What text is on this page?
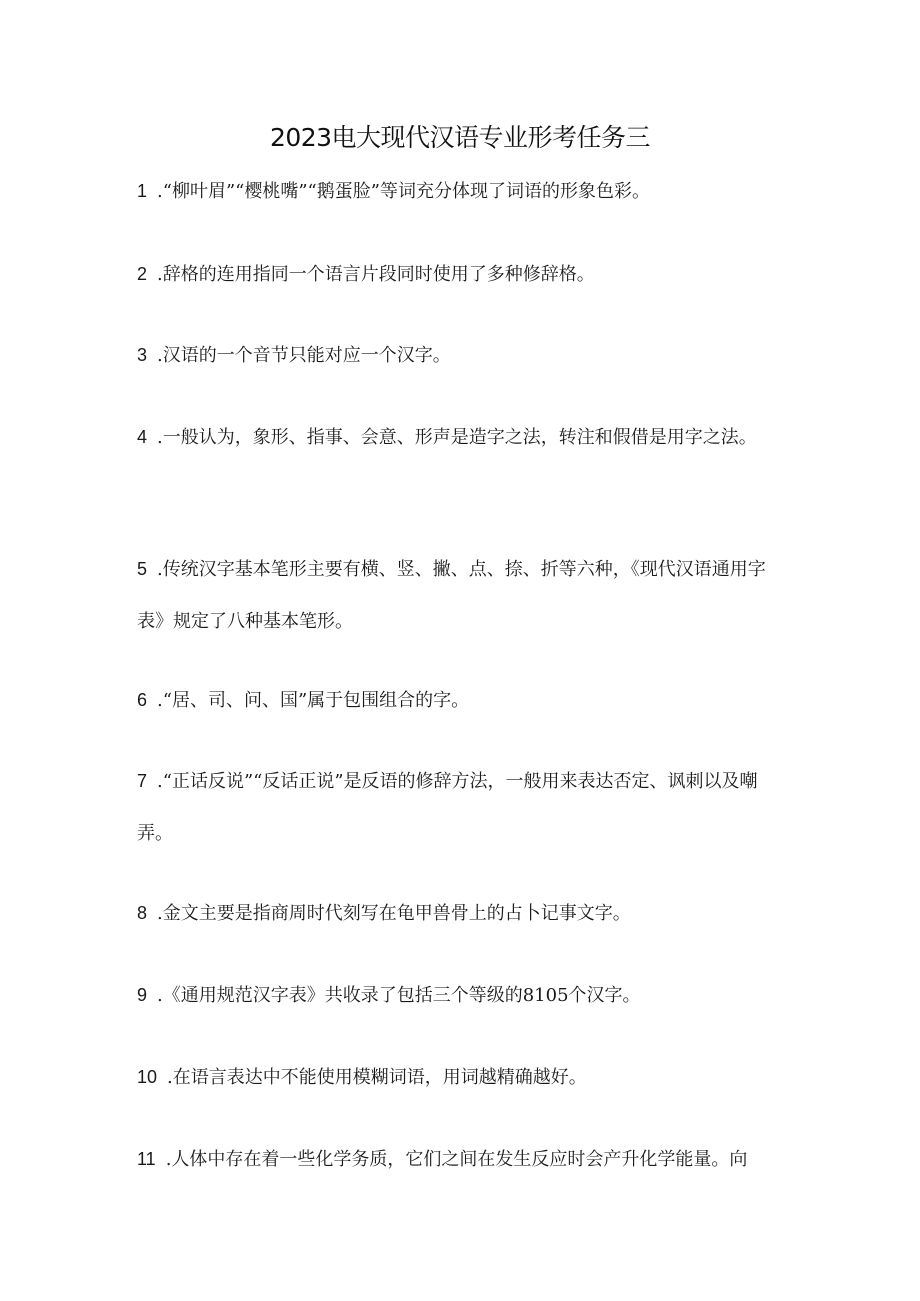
2023电大现代汉语专业形考任务三

1 .“柳叶眉”“樱桃嘴”“鹅蛋脸”等词充分体现了词语的形象色彩。

2 .辞格的连用指同一个语言片段同时使用了多种修辞格。

3 .汉语的一个音节只能对应一个汉字。

4 .一般认为，象形、指事、会意、形声是造字之法，转注和假借是用字之法。

5 .传统汉字基本笔形主要有横、竖、撇、点、捺、折等六种，《现代汉语通用字表》规定了八种基本笔形。

6 .“居、司、问、国”属于包围组合的字。

7 .“正话反说”“反话正说”是反语的修辞方法，一般用来表达否定、讽刺以及嘲弄。

8 .金文主要是指商周时代刻写在龟甲兽骨上的占卜记事文字。

9 .《通用规范汉字表》共收录了包括三个等级的8105个汉字。

10 .在语言表达中不能使用模糊词语，用词越精确越好。

11 .人体中存在着一些化学务质，它们之间在发生反应时会产升化学能量。向
